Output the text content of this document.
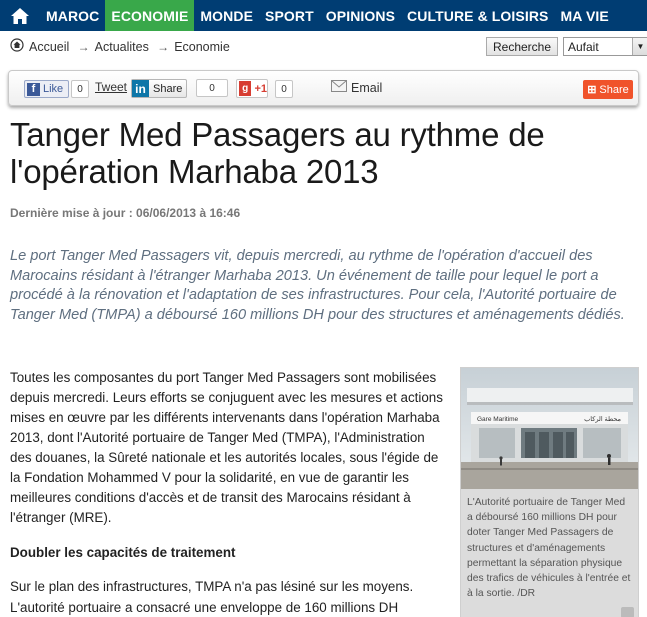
MAROC ECONOMIE MONDE SPORT OPINIONS CULTURE & LOISIRS MA VIE
Accueil → Actualites → Economie	Recherche	Aufait	▼
f Like	0	Tweet in Share	0	g +1	0	Email	⊞ Share
Tanger Med Passagers au rythme de l'opération Marhaba 2013
Dernière mise à jour : 06/06/2013 à 16:46

Le port Tanger Med Passagers vit, depuis mercredi, au rythme de l'opération d'accueil des Marocains résidant à l'étranger Marhaba 2013. Un événement de taille pour lequel le port a procédé à la rénovation et l'adaptation de ses infrastructures. Pour cela, l'Autorité portuaire de Tanger Med (TMPA) a déboursé 160 millions DH pour des structures et aménagements dédiés.

Toutes les composantes du port Tanger Med Passagers sont mobilisées depuis mercredi. Leurs efforts se conjuguent avec les mesures et actions mises en œuvre par les différents intervenants dans l'opération Marhaba 2013, dont l'Autorité portuaire de Tanger Med (TMPA), l'Administration des douanes, la Sûreté nationale et les autorités locales, sous l'égide de la Fondation Mohammed V pour la solidarité, en vue de garantir les meilleures conditions d'accès et de transit des Marocains résidant à l'étranger (MRE).

Doubler les capacités de traitement

Sur le plan des infrastructures, TMPA n'a pas lésiné sur les moyens. L'autorité portuaire a consacré une enveloppe de 160 millions DH

Gare Maritime	محطة الركاب

L'Autorité portuaire de Tanger Med a déboursé 160 millions DH pour doter Tanger Med Passagers de structures et d'aménagements permettant la séparation physique des trafics de véhicules à l'entrée et à la sortie. /DR
